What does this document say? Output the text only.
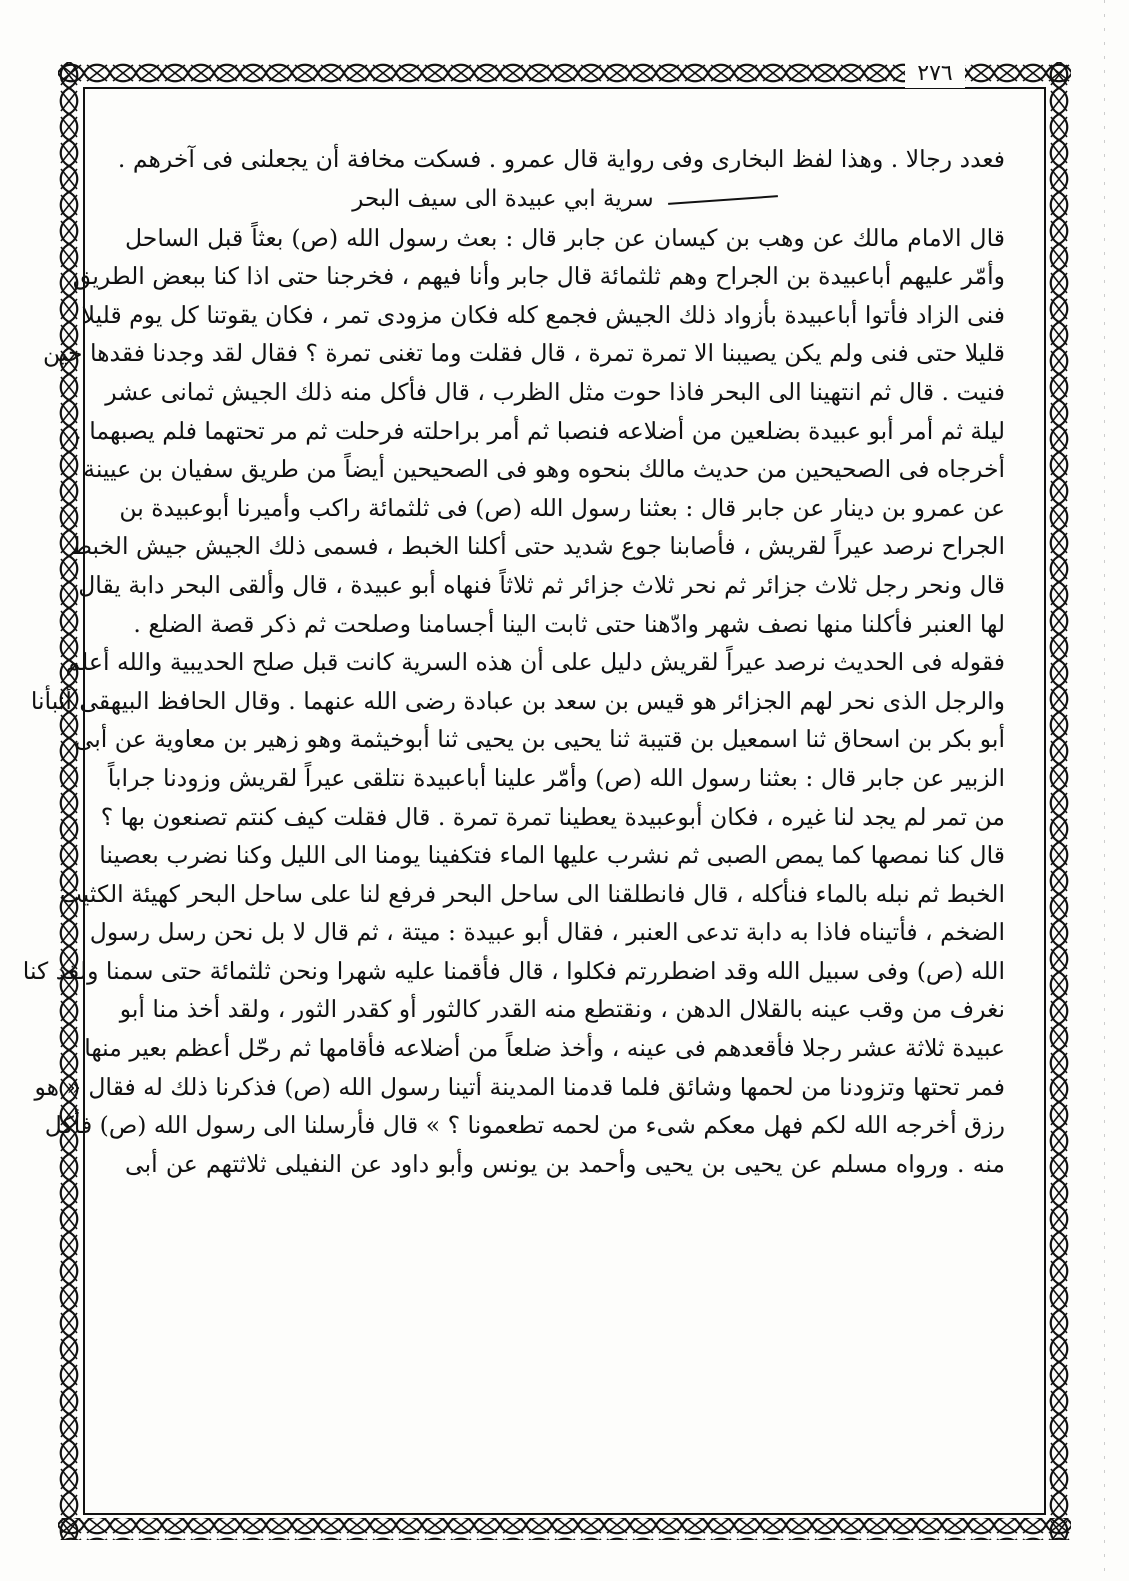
٢٧٦
فعدد رجالا . وهذا لفظ البخارى وفى رواية قال عمرو . فسكت مخافة أن يجعلنى فى آخرهم .
سرية ابي عبيدة الى سيف البحر
قال الامام مالك عن وهب بن كيسان عن جابر قال : بعث رسول الله (ص) بعثاً قبل الساحل
وأمّر عليهم أباعبيدة بن الجراح وهم ثلثمائة قال جابر وأنا فيهم ، فخرجنا حتى اذا كنا ببعض الطريق
فنى الزاد فأتوا أباعبيدة بأزواد ذلك الجيش فجمع كله فكان مزودى تمر ، فكان يقوتنا كل يوم قليلا
قليلا حتى فنى ولم يكن يصيبنا الا تمرة تمرة ، قال فقلت وما تغنى تمرة ؟ فقال لقد وجدنا فقدها حين
فنيت . قال ثم انتهينا الى البحر فاذا حوت مثل الظرب ، قال فأكل منه ذلك الجيش ثمانى عشر
ليلة ثم أمر أبو عبيدة بضلعين من أضلاعه فنصبا ثم أمر براحلته فرحلت ثم مر تحتهما فلم يصبهما .
أخرجاه فى الصحيحين من حديث مالك بنحوه وهو فى الصحيحين أيضاً من طريق سفيان بن عيينة
عن عمرو بن دينار عن جابر قال : بعثنا رسول الله (ص) فى ثلثمائة راكب وأميرنا أبوعبيدة بن
الجراح نرصد عيراً لقريش ، فأصابنا جوع شديد حتى أكلنا الخبط ، فسمى ذلك الجيش جيش الخبط
قال ونحر رجل ثلاث جزائر ثم نحر ثلاث جزائر ثم ثلاثاً فنهاه أبو عبيدة ، قال وألقى البحر دابة يقال
لها العنبر فأكلنا منها نصف شهر وادّهنا حتى ثابت الينا أجسامنا وصلحت ثم ذكر قصة الضلع .
فقوله فى الحديث نرصد عيراً لقريش دليل على أن هذه السرية كانت قبل صلح الحديبية والله أعلم
والرجل الذى نحر لهم الجزائر هو قيس بن سعد بن عبادة رضى الله عنهما . وقال الحافظ البيهقى أنبأنا
أبو بكر بن اسحاق ثنا اسمعيل بن قتيبة ثنا يحيى بن يحيى ثنا أبوخيثمة وهو زهير بن معاوية عن أبى
الزبير عن جابر قال : بعثنا رسول الله (ص) وأمّر علينا أباعبيدة نتلقى عيراً لقريش وزودنا جراباً
من تمر لم يجد لنا غيره ، فكان أبوعبيدة يعطينا تمرة تمرة . قال فقلت كيف كنتم تصنعون بها ؟
قال كنا نمصها كما يمص الصبى ثم نشرب عليها الماء فتكفينا يومنا الى الليل وكنا نضرب بعصينا
الخبط ثم نبله بالماء فنأكله ، قال فانطلقنا الى ساحل البحر فرفع لنا على ساحل البحر كهيئة الكثيب
الضخم ، فأتيناه فاذا به دابة تدعى العنبر ، فقال أبو عبيدة : ميتة ، ثم قال لا بل نحن رسل رسول
الله (ص) وفى سبيل الله وقد اضطررتم فكلوا ، قال فأقمنا عليه شهرا ونحن ثلثمائة حتى سمنا ولقد كنا
نغرف من وقب عينه بالقلال الدهن ، ونقتطع منه القدر كالثور أو كقدر الثور ، ولقد أخذ منا أبو
عبيدة ثلاثة عشر رجلا فأقعدهم فى عينه ، وأخذ ضلعاً من أضلاعه فأقامها ثم رحّل أعظم بعير منها
فمر تحتها وتزودنا من لحمها وشائق فلما قدمنا المدينة أتينا رسول الله (ص) فذكرنا ذلك له فقال « هو
رزق أخرجه الله لكم فهل معكم شىء من لحمه تطعمونا ؟ » قال فأرسلنا الى رسول الله (ص) فأكل
منه . ورواه مسلم عن يحيى بن يحيى وأحمد بن يونس وأبو داود عن النفيلى ثلاثتهم عن أبى
